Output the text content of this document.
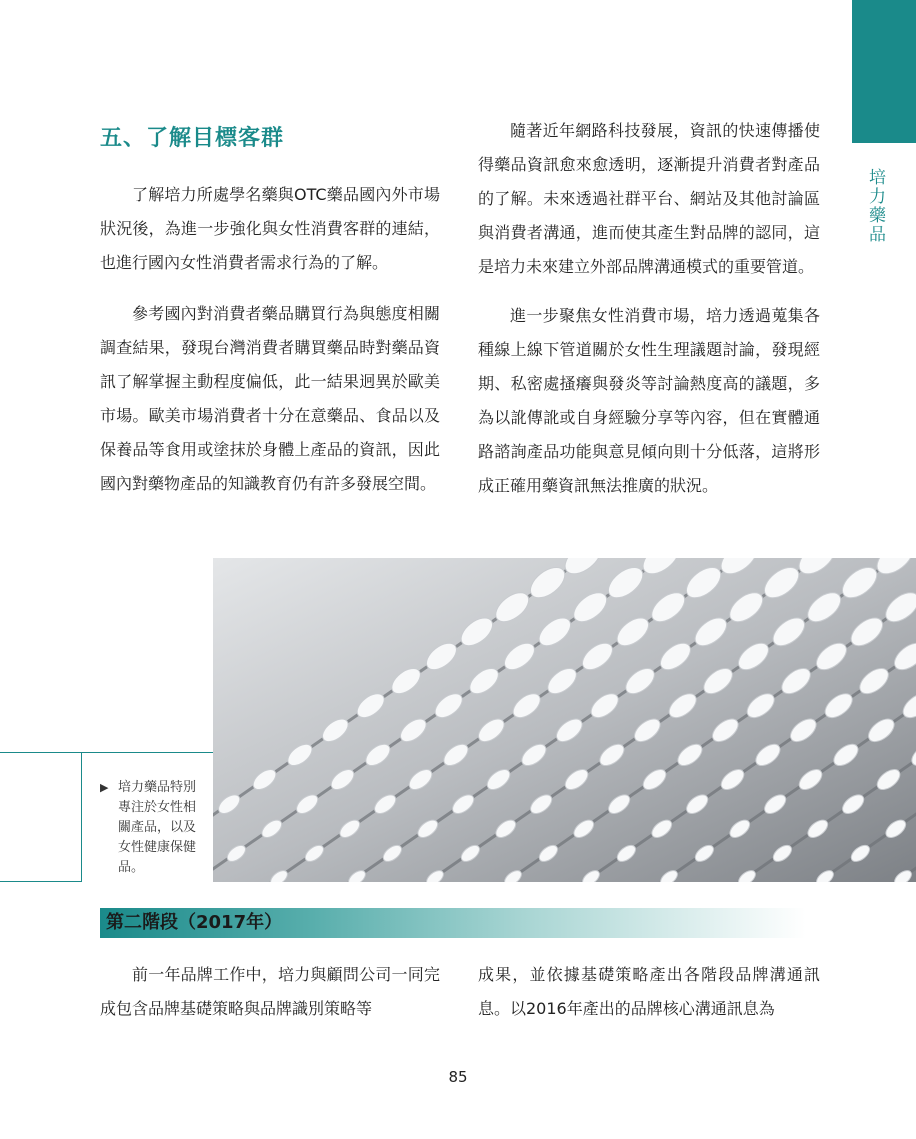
培力藥品
五、了解目標客群

了解培力所處學名藥與OTC藥品國內外市場狀況後，為進一步強化與女性消費客群的連結，也進行國內女性消費者需求行為的了解。

參考國內對消費者藥品購買行為與態度相關調查結果，發現台灣消費者購買藥品時對藥品資訊了解掌握主動程度偏低，此一結果迥異於歐美市場。歐美市場消費者十分在意藥品、食品以及保養品等食用或塗抹於身體上產品的資訊，因此國內對藥物產品的知識教育仍有許多發展空間。

隨著近年網路科技發展，資訊的快速傳播使得藥品資訊愈來愈透明，逐漸提升消費者對產品的了解。未來透過社群平台、網站及其他討論區與消費者溝通，進而使其產生對品牌的認同，這是培力未來建立外部品牌溝通模式的重要管道。

進一步聚焦女性消費市場，培力透過蒐集各種線上線下管道關於女性生理議題討論，發現經期、私密處搔癢與發炎等討論熱度高的議題，多為以訛傳訛或自身經驗分享等內容，但在實體通路諮詢產品功能與意見傾向則十分低落，這將形成正確用藥資訊無法推廣的狀況。

▶ 培力藥品特別專注於女性相關產品，以及女性健康保健品。
第二階段（2017年）

前一年品牌工作中，培力與顧問公司一同完成包含品牌基礎策略與品牌識別策略等

成果，並依據基礎策略產出各階段品牌溝通訊息。以2016年產出的品牌核心溝通訊息為

85
